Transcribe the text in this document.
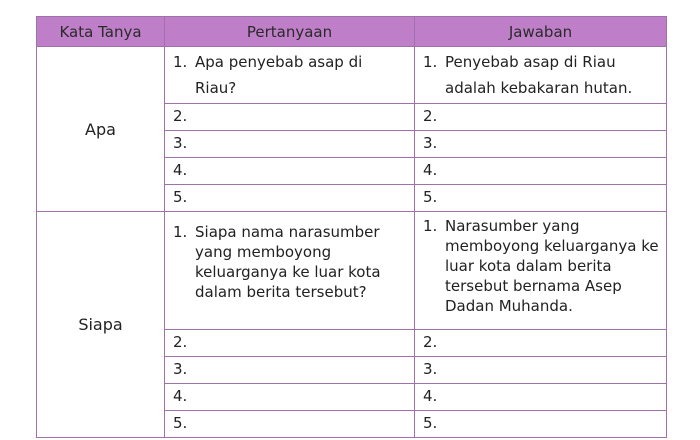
Kata Tanya	Pertanyaan	Jawaban
Apa	1. Apa penyebab asap di Riau?	1. Penyebab asap di Riau adalah kebakaran hutan.

	2.	2.

	3.	3.

	4.	4.

	5.	5.

Siapa	1. Siapa nama narasumber yang memboyong keluarganya ke luar kota dalam berita tersebut?	1. Narasumber yang memboyong keluarganya ke luar kota dalam berita tersebut bernama Asep Dadan Muhanda.

	2.	2.

	3.	3.

	4.	4.

	5.	5.
